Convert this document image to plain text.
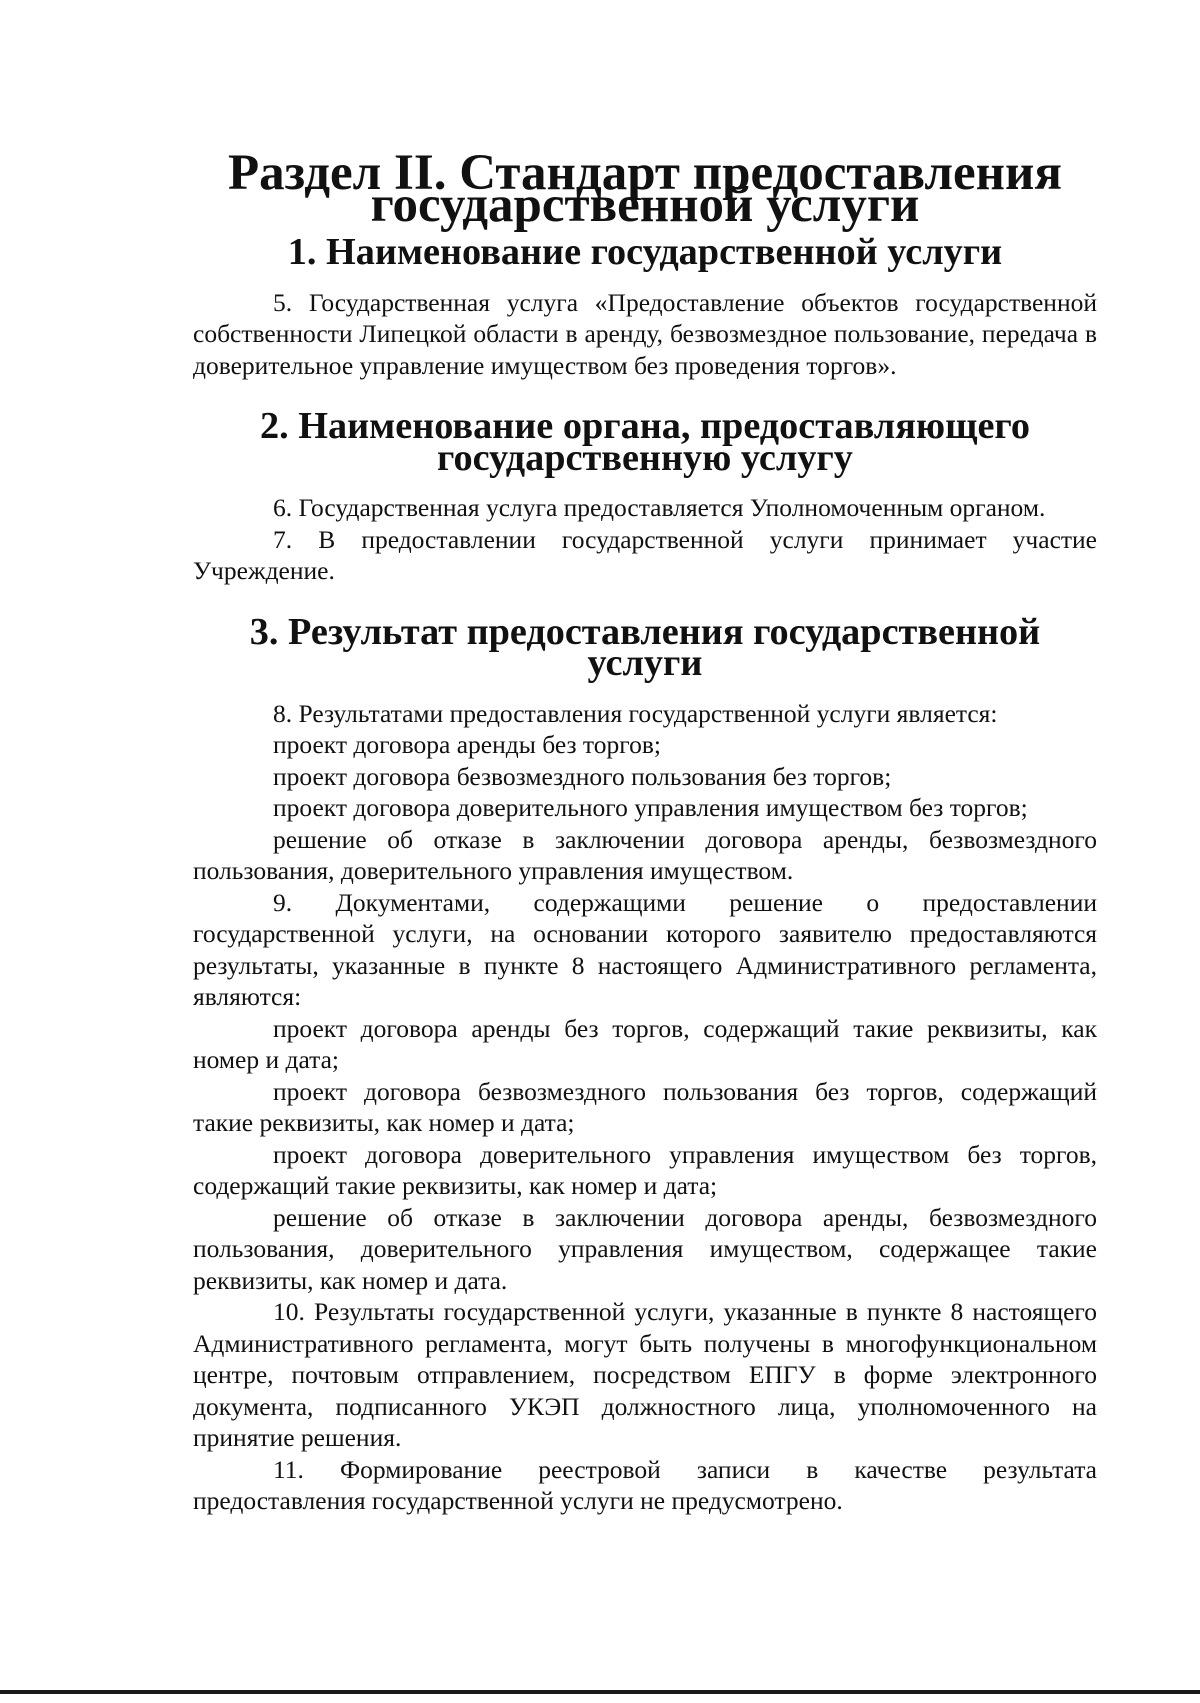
Раздел II. Стандарт предоставления государственной услуги
1. Наименование государственной услуги

5. Государственная услуга «Предоставление объектов государственной собственности Липецкой области в аренду, безвозмездное пользование, передача в доверительное управление имуществом без проведения торгов».

2. Наименование органа, предоставляющего государственную услугу

6. Государственная услуга предоставляется Уполномоченным органом.

7. В предоставлении государственной услуги принимает участие Учреждение.

3. Результат предоставления государственной услуги

8. Результатами предоставления государственной услуги является:

проект договора аренды без торгов;

проект договора безвозмездного пользования без торгов;

проект договора доверительного управления имуществом без торгов;

решение об отказе в заключении договора аренды, безвозмездного пользования, доверительного управления имуществом.

9. Документами, содержащими решение о предоставлении государственной услуги, на основании которого заявителю предоставляются результаты, указанные в пункте 8 настоящего Административного регламента, являются:

проект договора аренды без торгов, содержащий такие реквизиты, как номер и дата;

проект договора безвозмездного пользования без торгов, содержащий такие реквизиты, как номер и дата;

проект договора доверительного управления имуществом без торгов, содержащий такие реквизиты, как номер и дата;

решение об отказе в заключении договора аренды, безвозмездного пользования, доверительного управления имуществом, содержащее такие реквизиты, как номер и дата.

10. Результаты государственной услуги, указанные в пункте 8 настоящего Административного регламента, могут быть получены в многофункциональном центре, почтовым отправлением, посредством ЕПГУ в форме электронного документа, подписанного УКЭП должностного лица, уполномоченного на принятие решения.

11. Формирование реестровой записи в качестве результата предоставления государственной услуги не предусмотрено.
